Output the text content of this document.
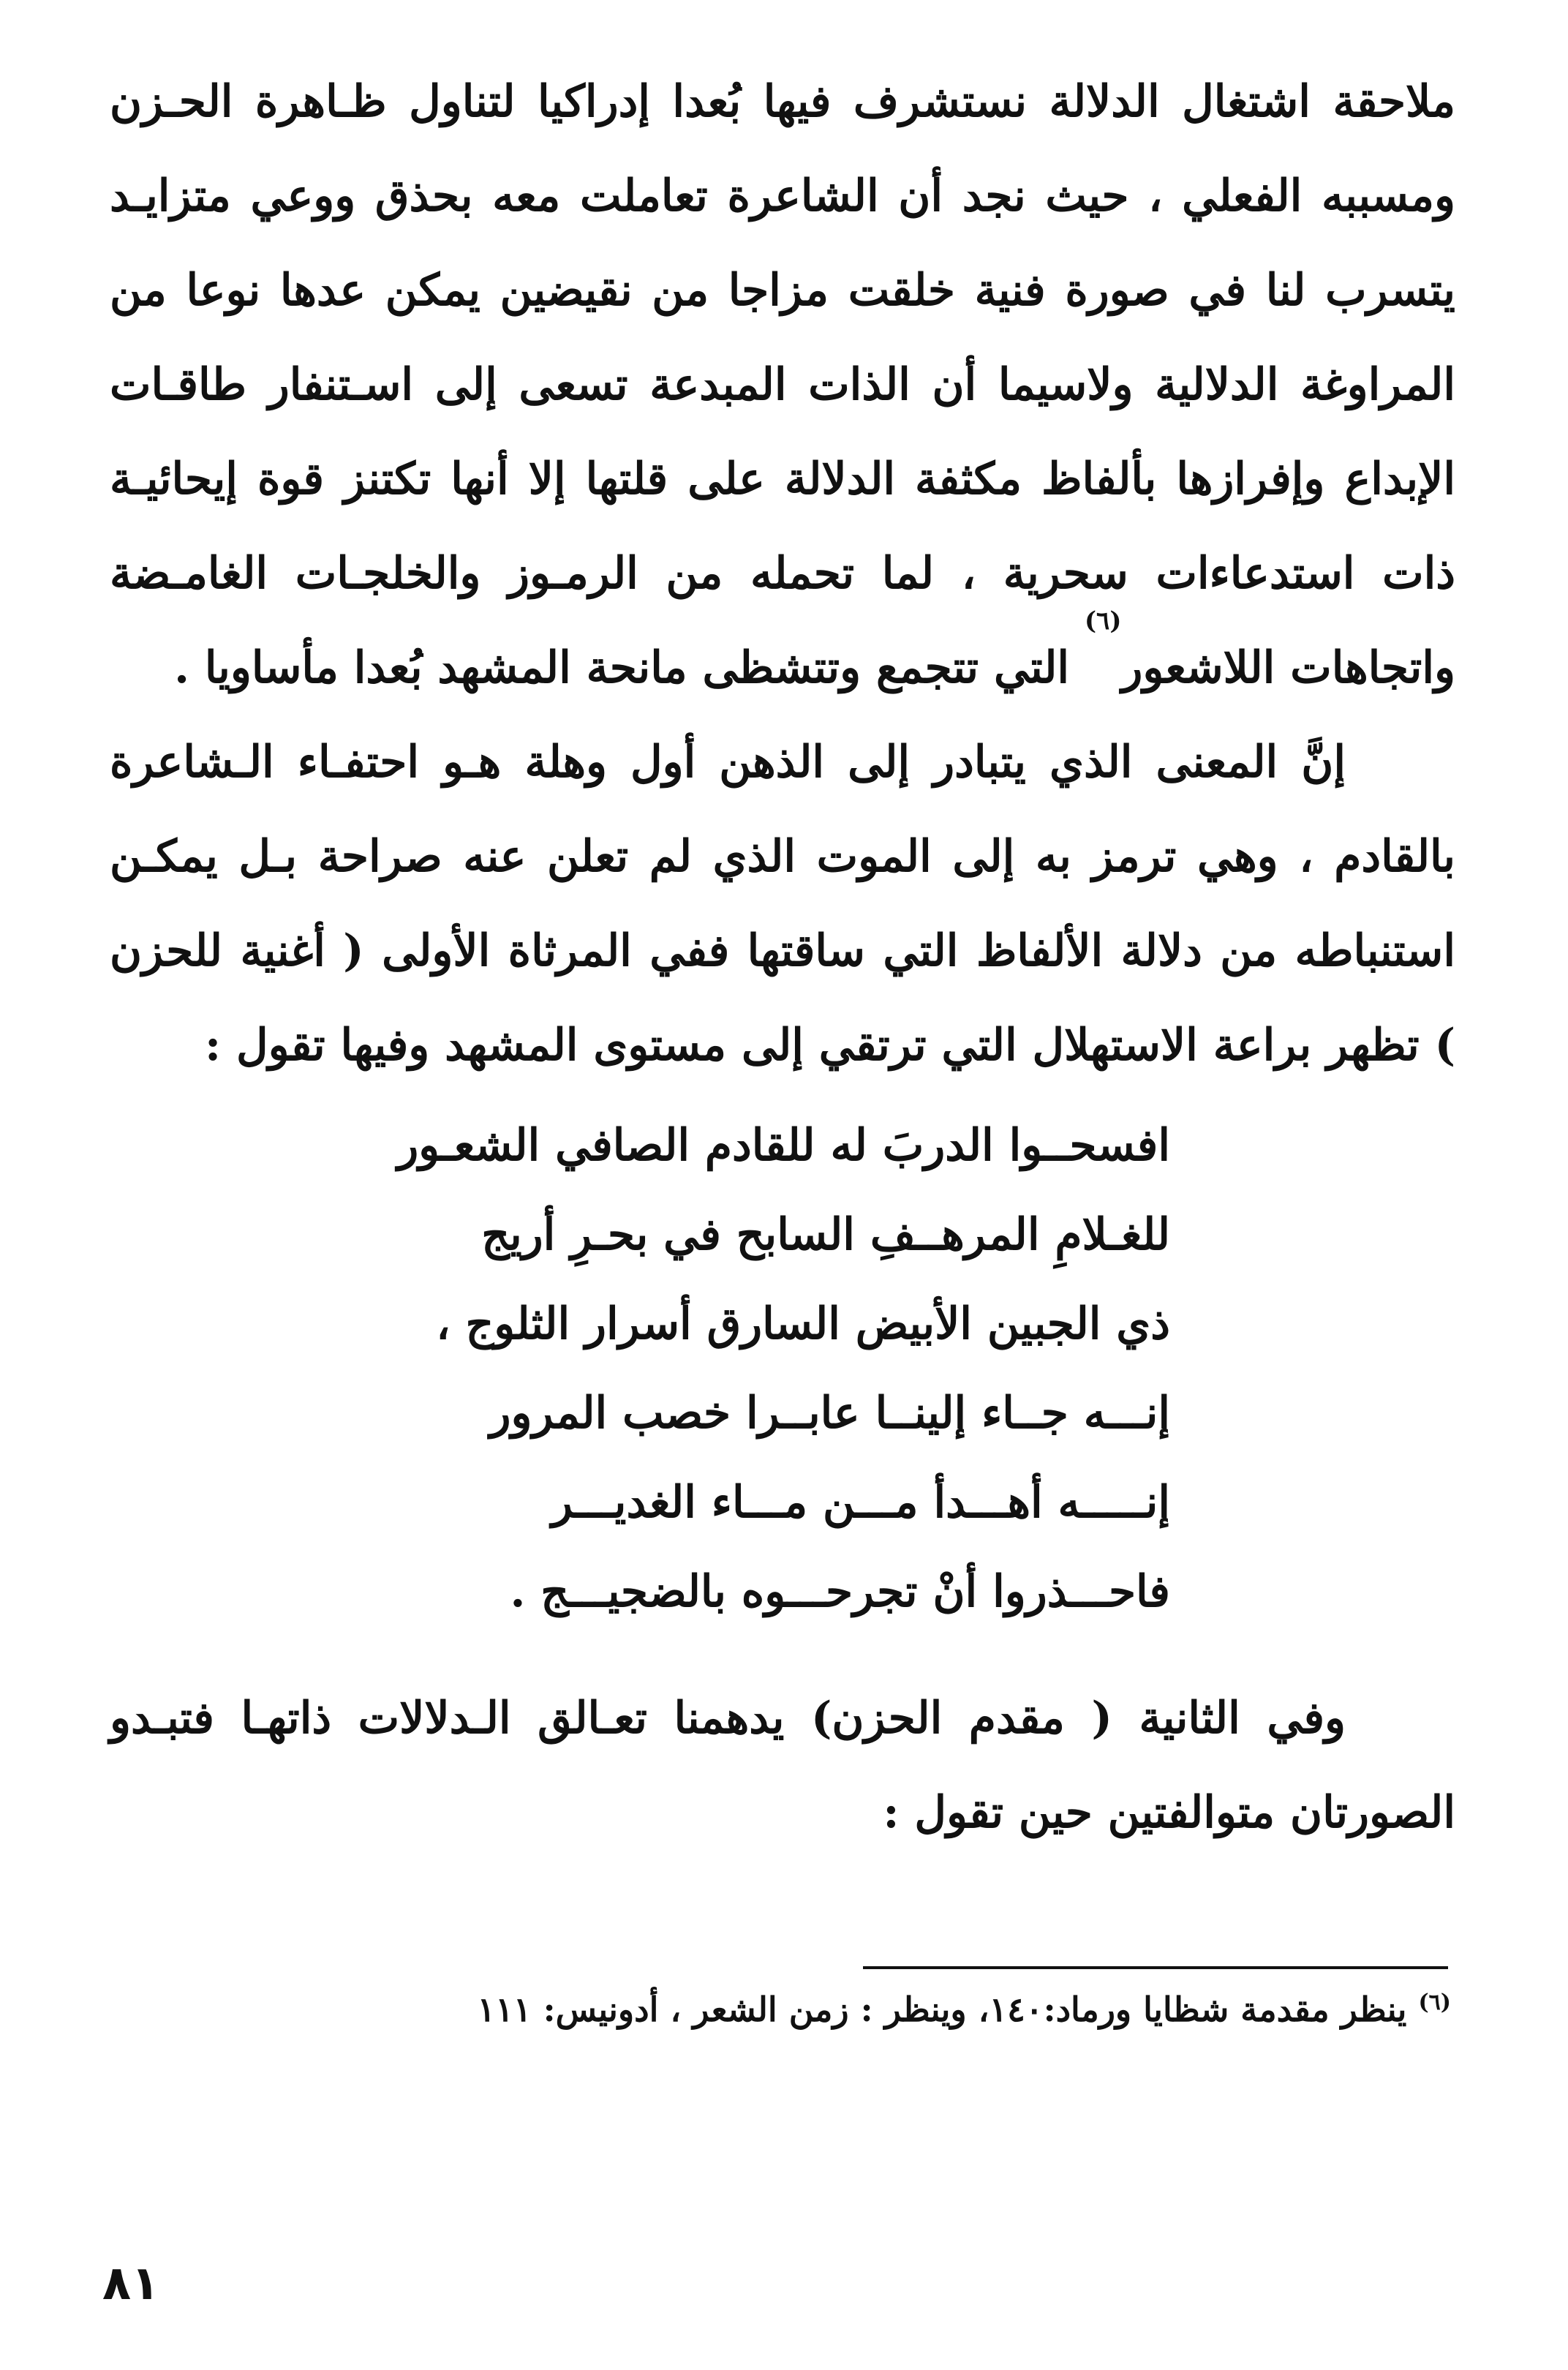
ملاحقة اشتغال الدلالة نستشرف فيها بُعدا إدراكيا لتناول ظـاهرة الحـزن ومسببه الفعلي ، حيث نجد أن الشاعرة تعاملت معه بحذق ووعي متزايـد يتسرب لنا في صورة فنية خلقت مزاجا من نقيضين يمكن عدها نوعا من المراوغة الدلالية ولاسيما أن الذات المبدعة تسعى إلى اسـتنفار طاقـات الإبداع وإفرازها بألفاظ مكثفة الدلالة على قلتها إلا أنها تكتنز قوة إيحائيـة ذات استدعاءات سحرية ، لما تحمله من الرمـوز والخلجـات الغامـضة واتجاهات اللاشعور$^{(٦)}$ التي تتجمع وتتشظى مانحة المشهد بُعدا مأساويا .

إنَّ المعنى الذي يتبادر إلى الذهن أول وهلة هـو احتفـاء الـشاعرة بالقادم ، وهي ترمز به إلى الموت الذي لم تعلن عنه صراحة بـل يمكـن استنباطه من دلالة الألفاظ التي ساقتها ففي المرثاة الأولى ( أغنية للحزن ) تظهر براعة الاستهلال التي ترتقي إلى مستوى المشهد وفيها تقول :

افسحــوا الدربَ له للقادم الصافي الشعـور
للغـلامِ المرهــفِ السابح في بحـرِ أريج
ذي الجبين الأبيض السارق أسرار الثلوج ،
إنـــه جــاء إلينــا عابــرا خصب المرور
إنـــــه أهـــدأ مـــن مـــاء الغديـــر
فاحـــذروا أنْ تجرحـــوه بالضجيـــج .

وفي الثانية ( مقدم الحزن) يدهمنا تعـالق الـدلالات ذاتهـا فتبـدو الصورتان متوالفتين حين تقول :

$^{(٦)}$ ينظر مقدمة شظايا ورماد:١٤٠، وينظر : زمن الشعر ، أدونيس: ١١١
٨١
